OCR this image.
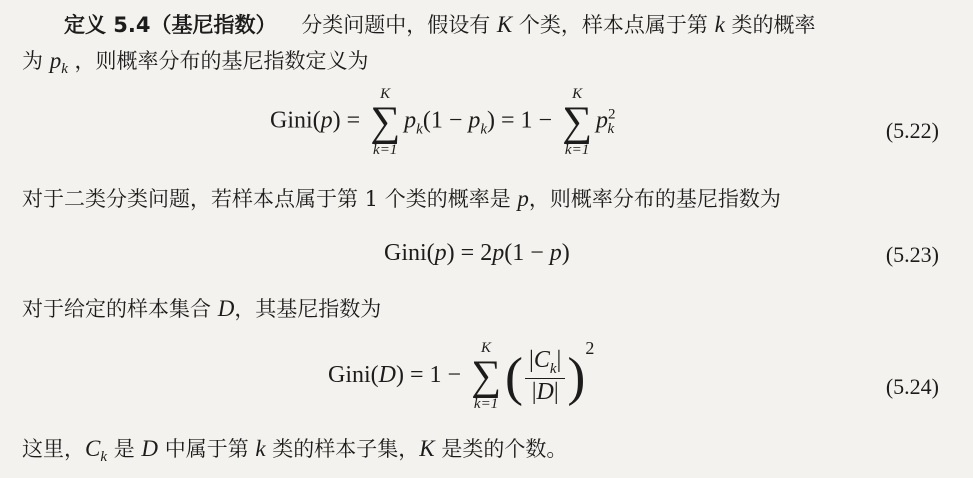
定义 5.4（基尼指数） 分类问题中，假设有 K 个类，样本点属于第 k 类的概率
为 $p_k$ ，则概率分布的基尼指数定义为
Gini(p) =
K
∑
k=1
$p_k(1 - p_k) = 1$ −
K
∑
k=1
$p^2_k$	(5.22)
对于二类分类问题，若样本点属于第 1 个类的概率是 p，则概率分布的基尼指数为
Gini(p) = 2p(1 − p)	(5.23)
对于给定的样本集合 D，其基尼指数为
Gini(D) = 1 −
K
∑
k=1 ( $\frac{|C_k|}{|D|} )^2$
(5.24)
这里，$C_k$ 是 D 中属于第 k 类的样本子集，K 是类的个数。
